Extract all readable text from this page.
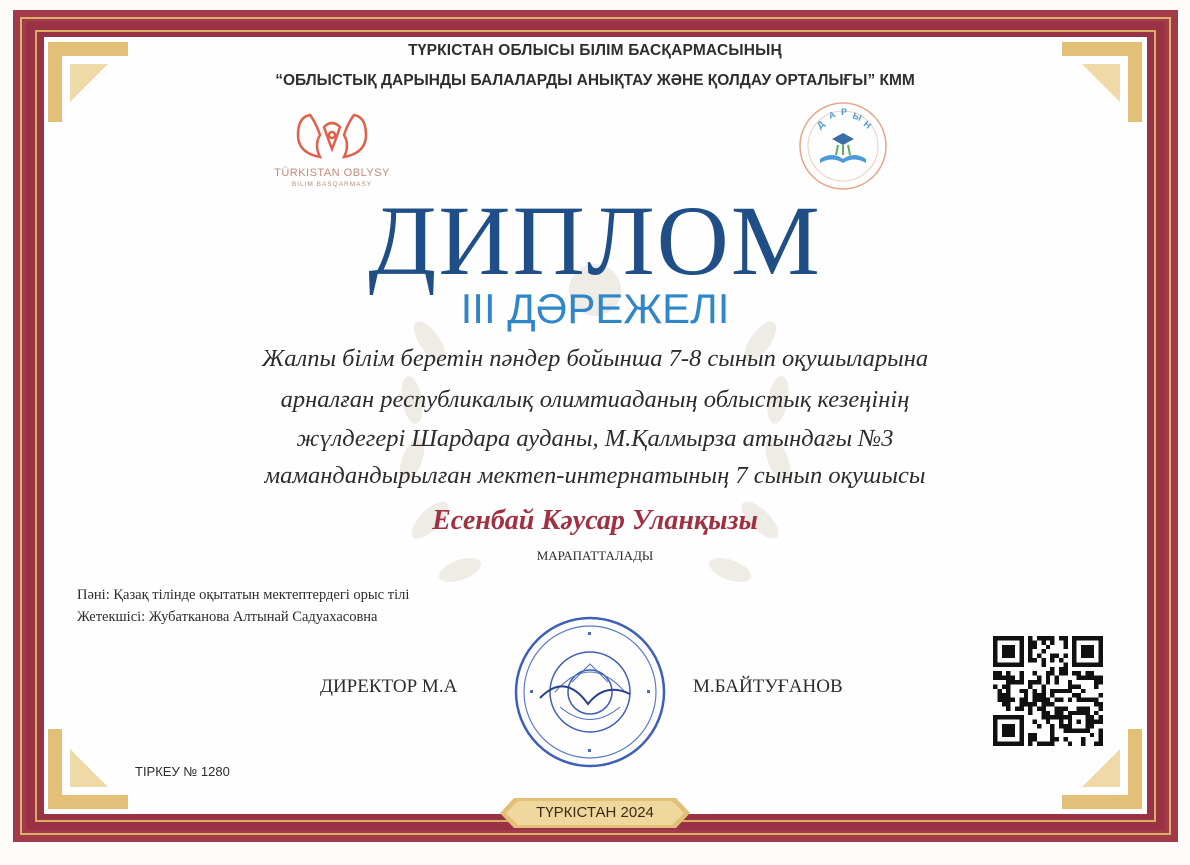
ТҮРКІСТАН ОБЛЫСЫ БІЛІМ БАСҚАРМАСЫНЫҢ
“ОБЛЫСТЫҚ ДАРЫНДЫ БАЛАЛАРДЫ АНЫҚТАУ ЖӘНЕ ҚОЛДАУ ОРТАЛЫҒЫ” КММ
TÜRKISTAN OBLYSY
BILIM BASQARMASY
Д
А Р Ы
Н
ДИПЛОМ
ІІІ ДӘРЕЖЕЛІ
Жалпы білім беретін пәндер бойынша 7-8 сынып оқушыларына
арналған республикалық олимтиаданың облыстық кезеңінің
жүлдегері Шардара ауданы, М.Қалмырза атындағы №3
мамандандырылған мектеп-интернатының 7 сынып оқушысы
Есенбай Кәусар Уланқызы
МАРАПАТТАЛАДЫ
Пәні: Қазақ тілінде оқытатын мектептердегі орыс тілі
Жетекшісі: Жубатканова Алтынай Садуахасовна
ДИРЕКТОР М.А	М.БАЙТУҒАНОВ
ТІРКЕУ № 1280
ТҮРКІСТАН 2024
